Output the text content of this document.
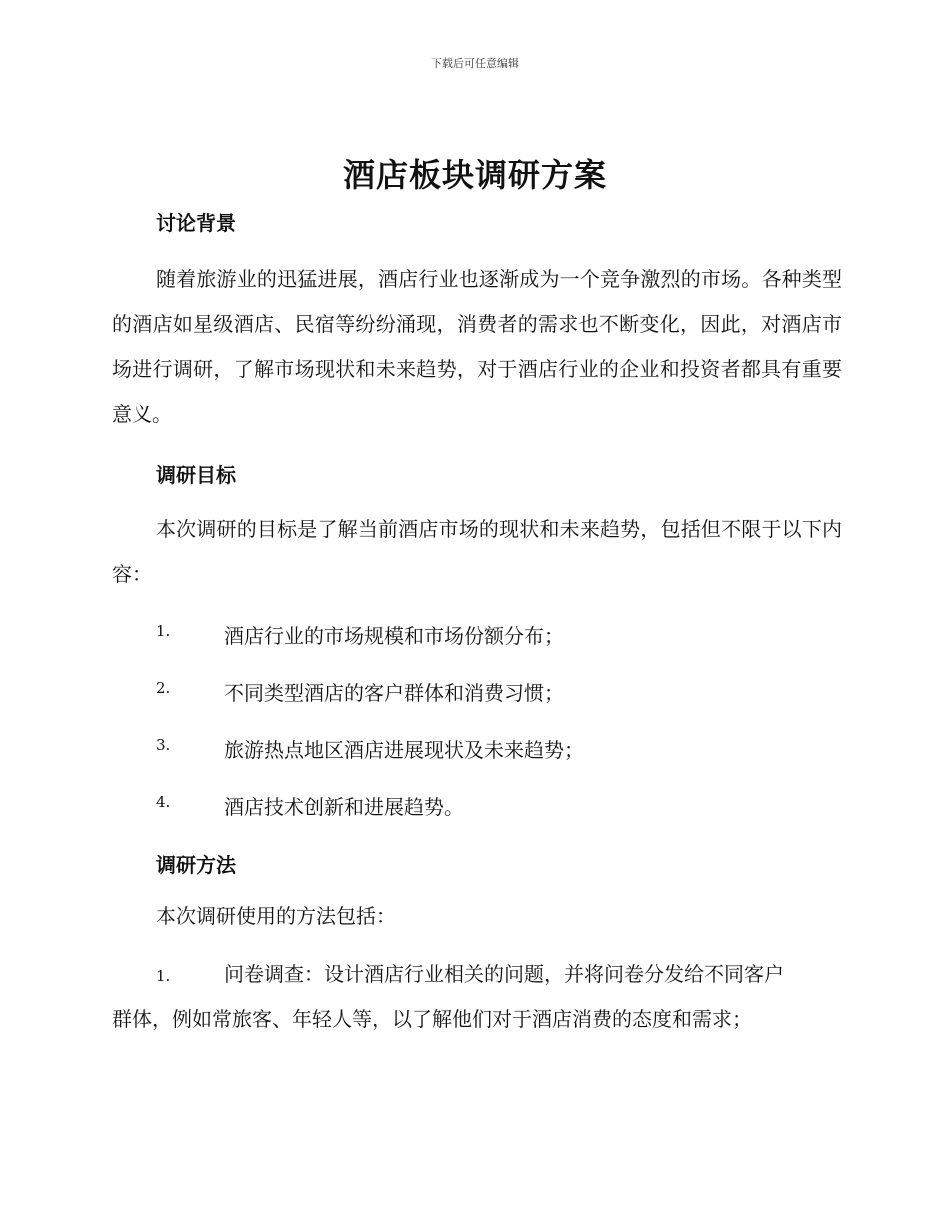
下载后可任意编辑
酒店板块调研方案
讨论背景

随着旅游业的迅猛进展，酒店行业也逐渐成为一个竞争激烈的市场。各种类型的酒店如星级酒店、民宿等纷纷涌现，消费者的需求也不断变化，因此，对酒店市场进行调研，了解市场现状和未来趋势，对于酒店行业的企业和投资者都具有重要意义。

调研目标

本次调研的目标是了解当前酒店市场的现状和未来趋势，包括但不限于以下内容：

1.	酒店行业的市场规模和市场份额分布；
2.	不同类型酒店的客户群体和消费习惯；
3.	旅游热点地区酒店进展现状及未来趋势；
4.	酒店技术创新和进展趋势。
调研方法

本次调研使用的方法包括：

1.	问卷调查：设计酒店行业相关的问题，并将问卷分发给不同客户
群体，例如常旅客、年轻人等，以了解他们对于酒店消费的态度和需求；
